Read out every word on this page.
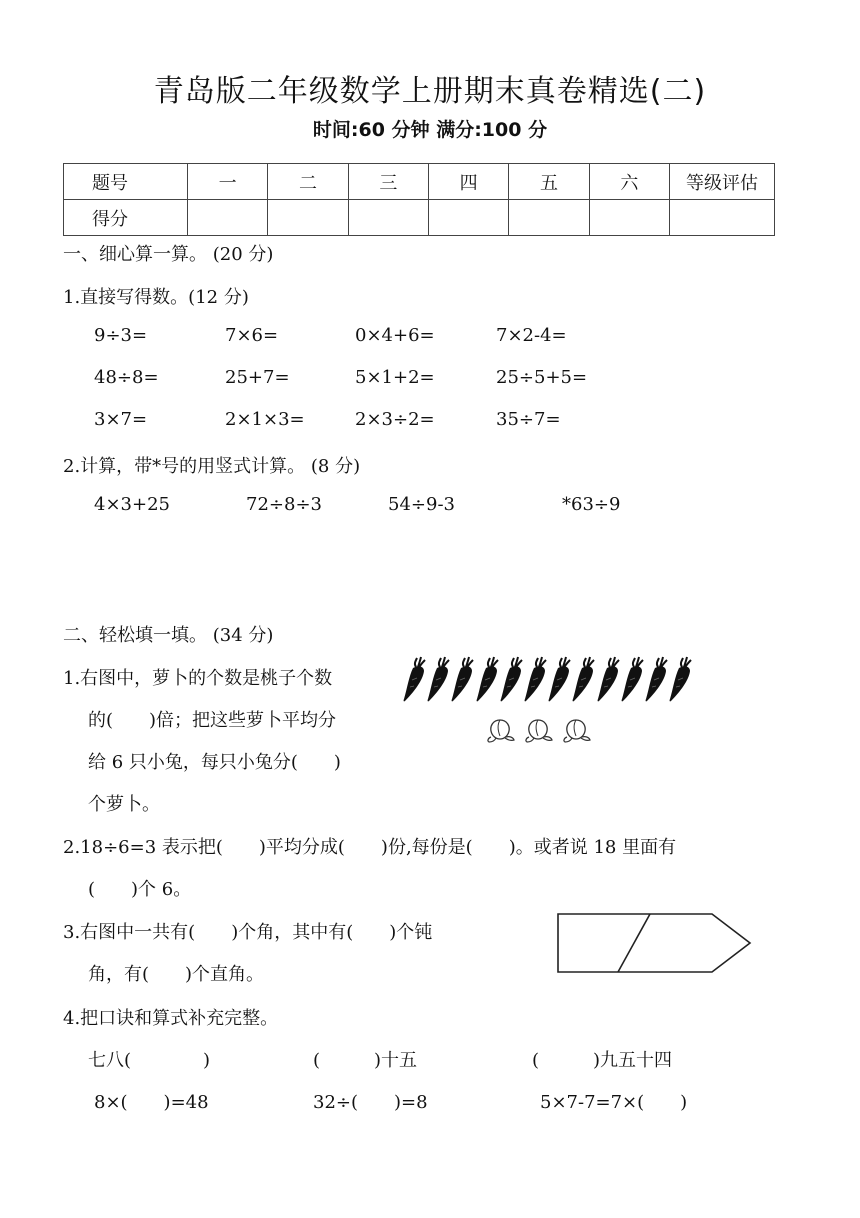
青岛版二年级数学上册期末真卷精选(二)
时间:60 分钟 满分:100 分
题号	一	二	三	四	五	六	等级评估
得分							
一、细心算一算。 (20 分)
1.直接写得数。(12 分)
9÷3=	7×6=	0×4+6=	7×2-4=
48÷8=	25+7=	5×1+2=	25÷5+5=
3×7=	2×1×3=	2×3÷2=	35÷7=
2.计算，带*号的用竖式计算。 (8 分)
4×3+25	72÷8÷3	54÷9-3	*63÷9
二、轻松填一填。 (34 分)
1.右图中，萝卜的个数是桃子个数
的(　　)倍；把这些萝卜平均分
给 6 只小兔，每只小兔分(　　)
个萝卜。
2.18÷6=3 表示把(　　)平均分成(　　)份,每份是(　　)。或者说 18 里面有
(　　)个 6。
3.右图中一共有(　　)个角，其中有(　　)个钝
角，有(　　)个直角。
4.把口诀和算式补充完整。
七八(　　　　)	(　　　)十五	(　　　)九五十四
8×(　　)=48	32÷(　　)=8	5×7-7=7×(　　)
